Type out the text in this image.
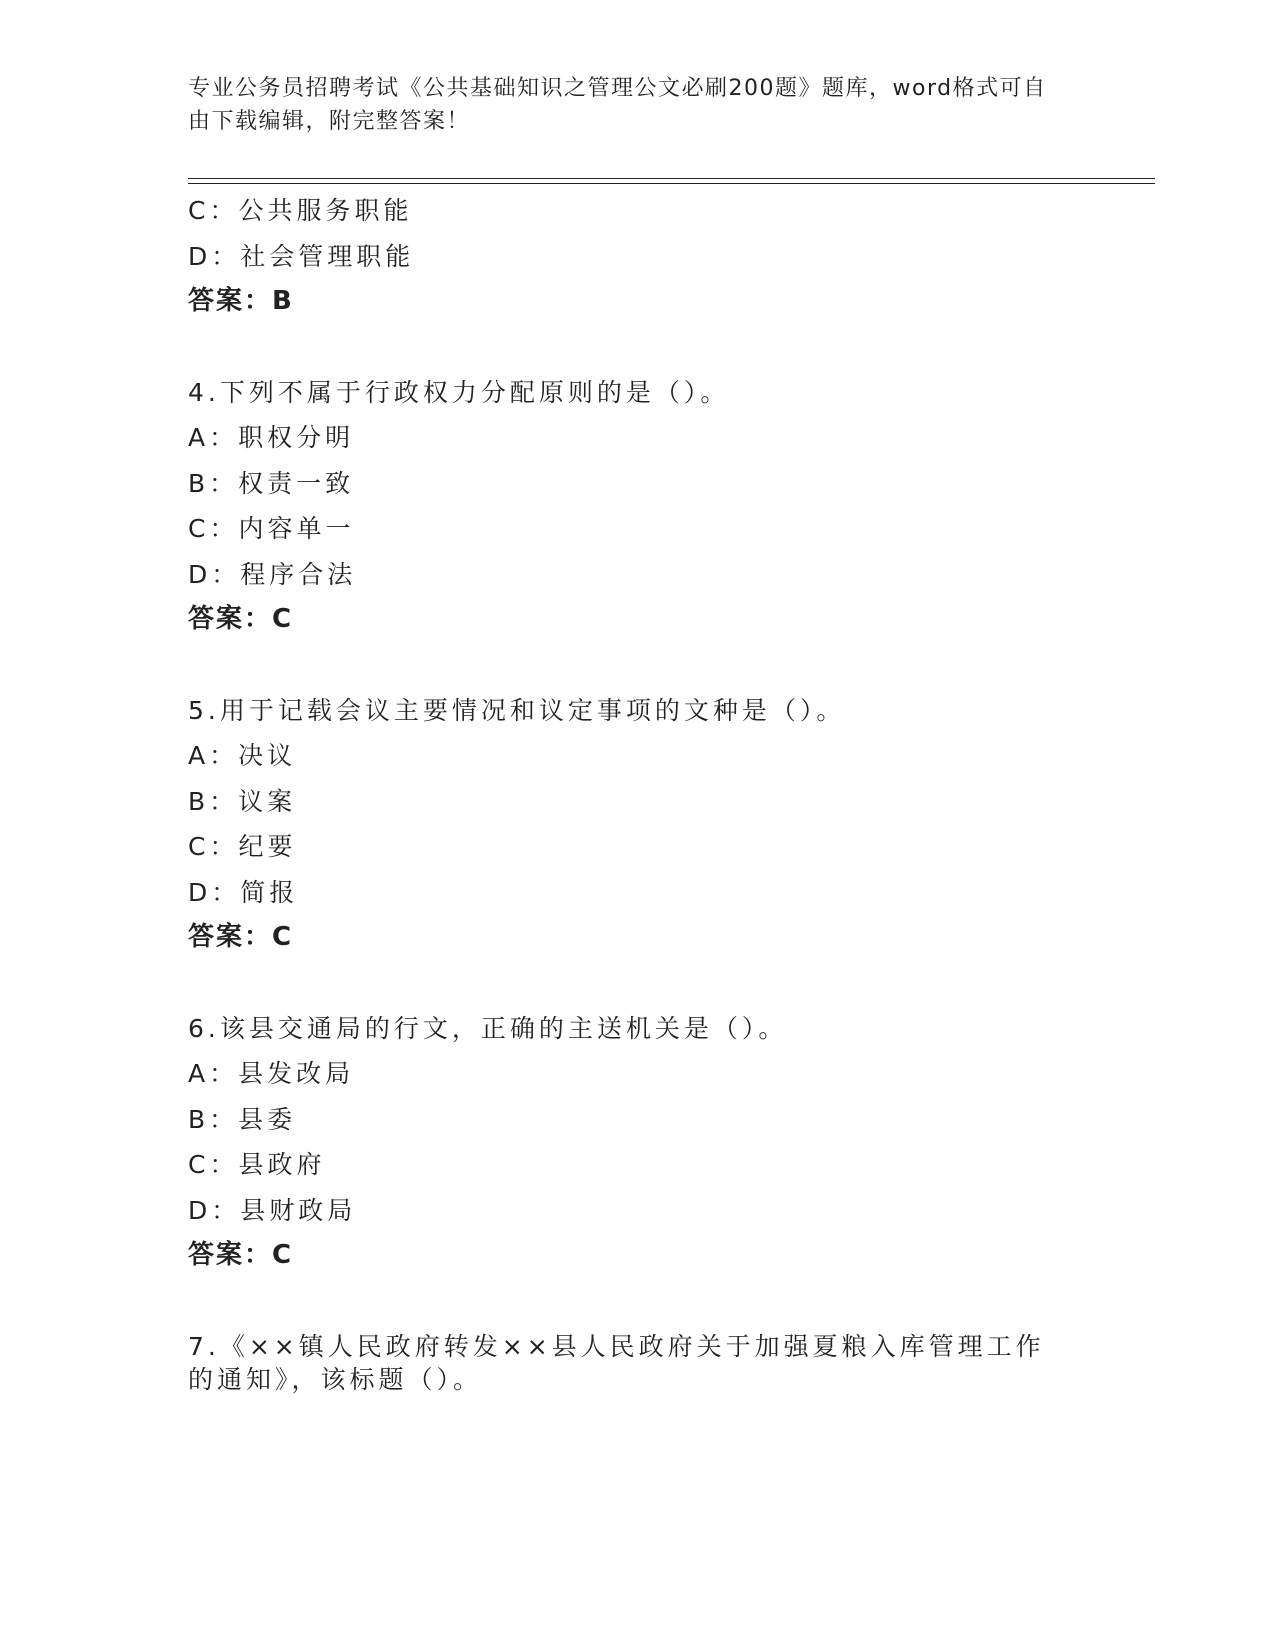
专业公务员招聘考试《公共基础知识之管理公文必刷200题》题库，word格式可自由下载编辑，附完整答案！
C：公共服务职能
D：社会管理职能
答案：B
4.下列不属于行政权力分配原则的是（）。
A：职权分明
B：权责一致
C：内容单一
D：程序合法
答案：C
5.用于记载会议主要情况和议定事项的文种是（）。
A：决议
B：议案
C：纪要
D：简报
答案：C
6.该县交通局的行文，正确的主送机关是（）。
A：县发改局
B：县委
C：县政府
D：县财政局
答案：C
7.《××镇人民政府转发××县人民政府关于加强夏粮入库管理工作的通知》，该标题（）。
